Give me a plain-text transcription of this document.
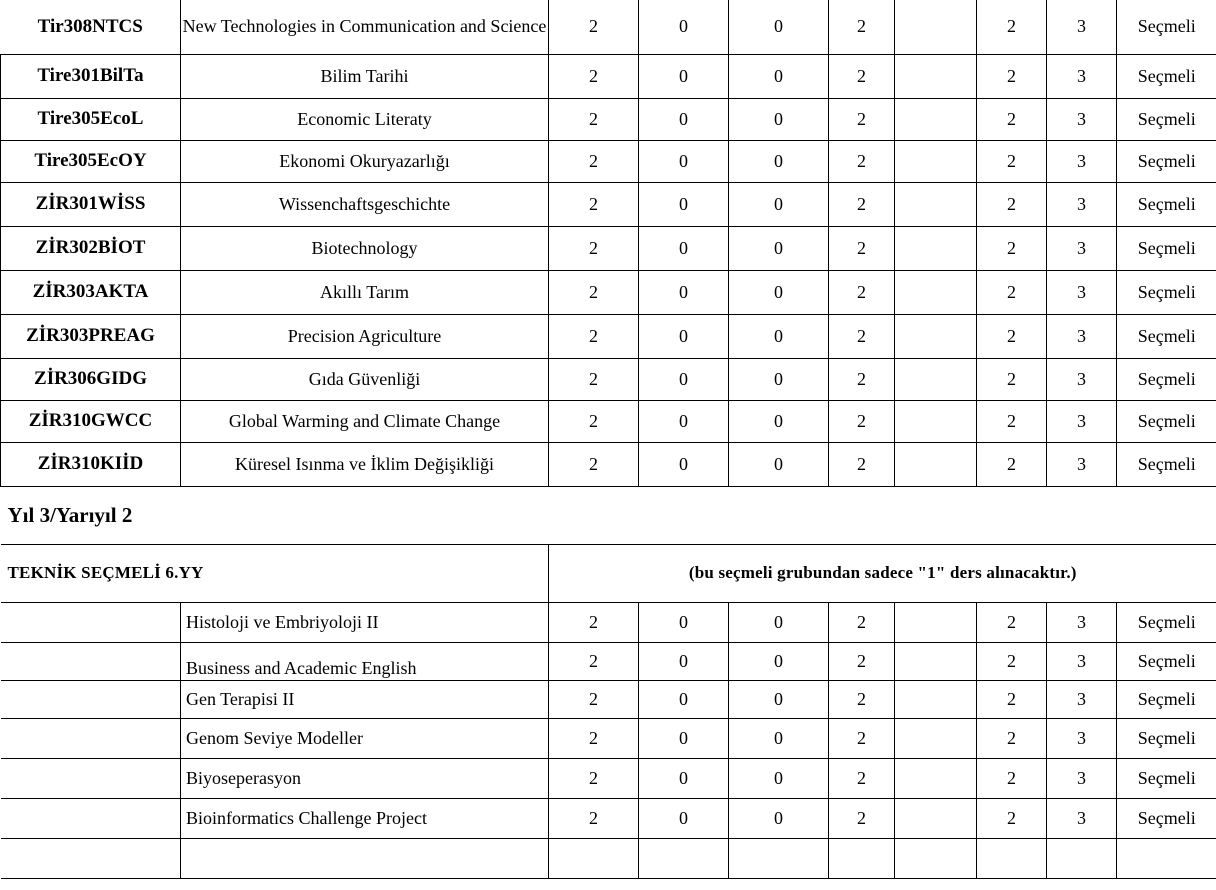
Tir308NTCS	New Technologies in Communication and Science	2	0	0	2		2	3	Seçmeli
Tire301BilTa	Bilim Tarihi	2	0	0	2		2	3	Seçmeli
Tire305EcoL	Economic Literaty	2	0	0	2		2	3	Seçmeli
Tire305EcOY	Ekonomi Okuryazarlığı	2	0	0	2		2	3	Seçmeli
ZİR301WİSS	Wissenchaftsgeschichte	2	0	0	2		2	3	Seçmeli
ZİR302BİOT	Biotechnology	2	0	0	2		2	3	Seçmeli
ZİR303AKTA	Akıllı Tarım	2	0	0	2		2	3	Seçmeli
ZİR303PREAG	Precision Agriculture	2	0	0	2		2	3	Seçmeli
ZİR306GIDG	Gıda Güvenliği	2	0	0	2		2	3	Seçmeli
ZİR310GWCC	Global Warming and Climate Change	2	0	0	2		2	3	Seçmeli
ZİR310KIİD	Küresel Isınma ve İklim Değişikliği	2	0	0	2		2	3	Seçmeli
Yıl 3/Yarıyıl 2									
TEKNİK SEÇMELİ 6.YY		(bu seçmeli grubundan sadece "1" ders alınacaktır.)							
	Histoloji ve Embriyoloji II	2	0	0	2		2	3	Seçmeli
	Business and Academic English	2	0	0	2		2	3	Seçmeli
	Gen Terapisi II	2	0	0	2		2	3	Seçmeli
	Genom Seviye Modeller	2	0	0	2		2	3	Seçmeli
	Biyoseperasyon	2	0	0	2		2	3	Seçmeli
	Bioinformatics Challenge Project	2	0	0	2		2	3	Seçmeli
